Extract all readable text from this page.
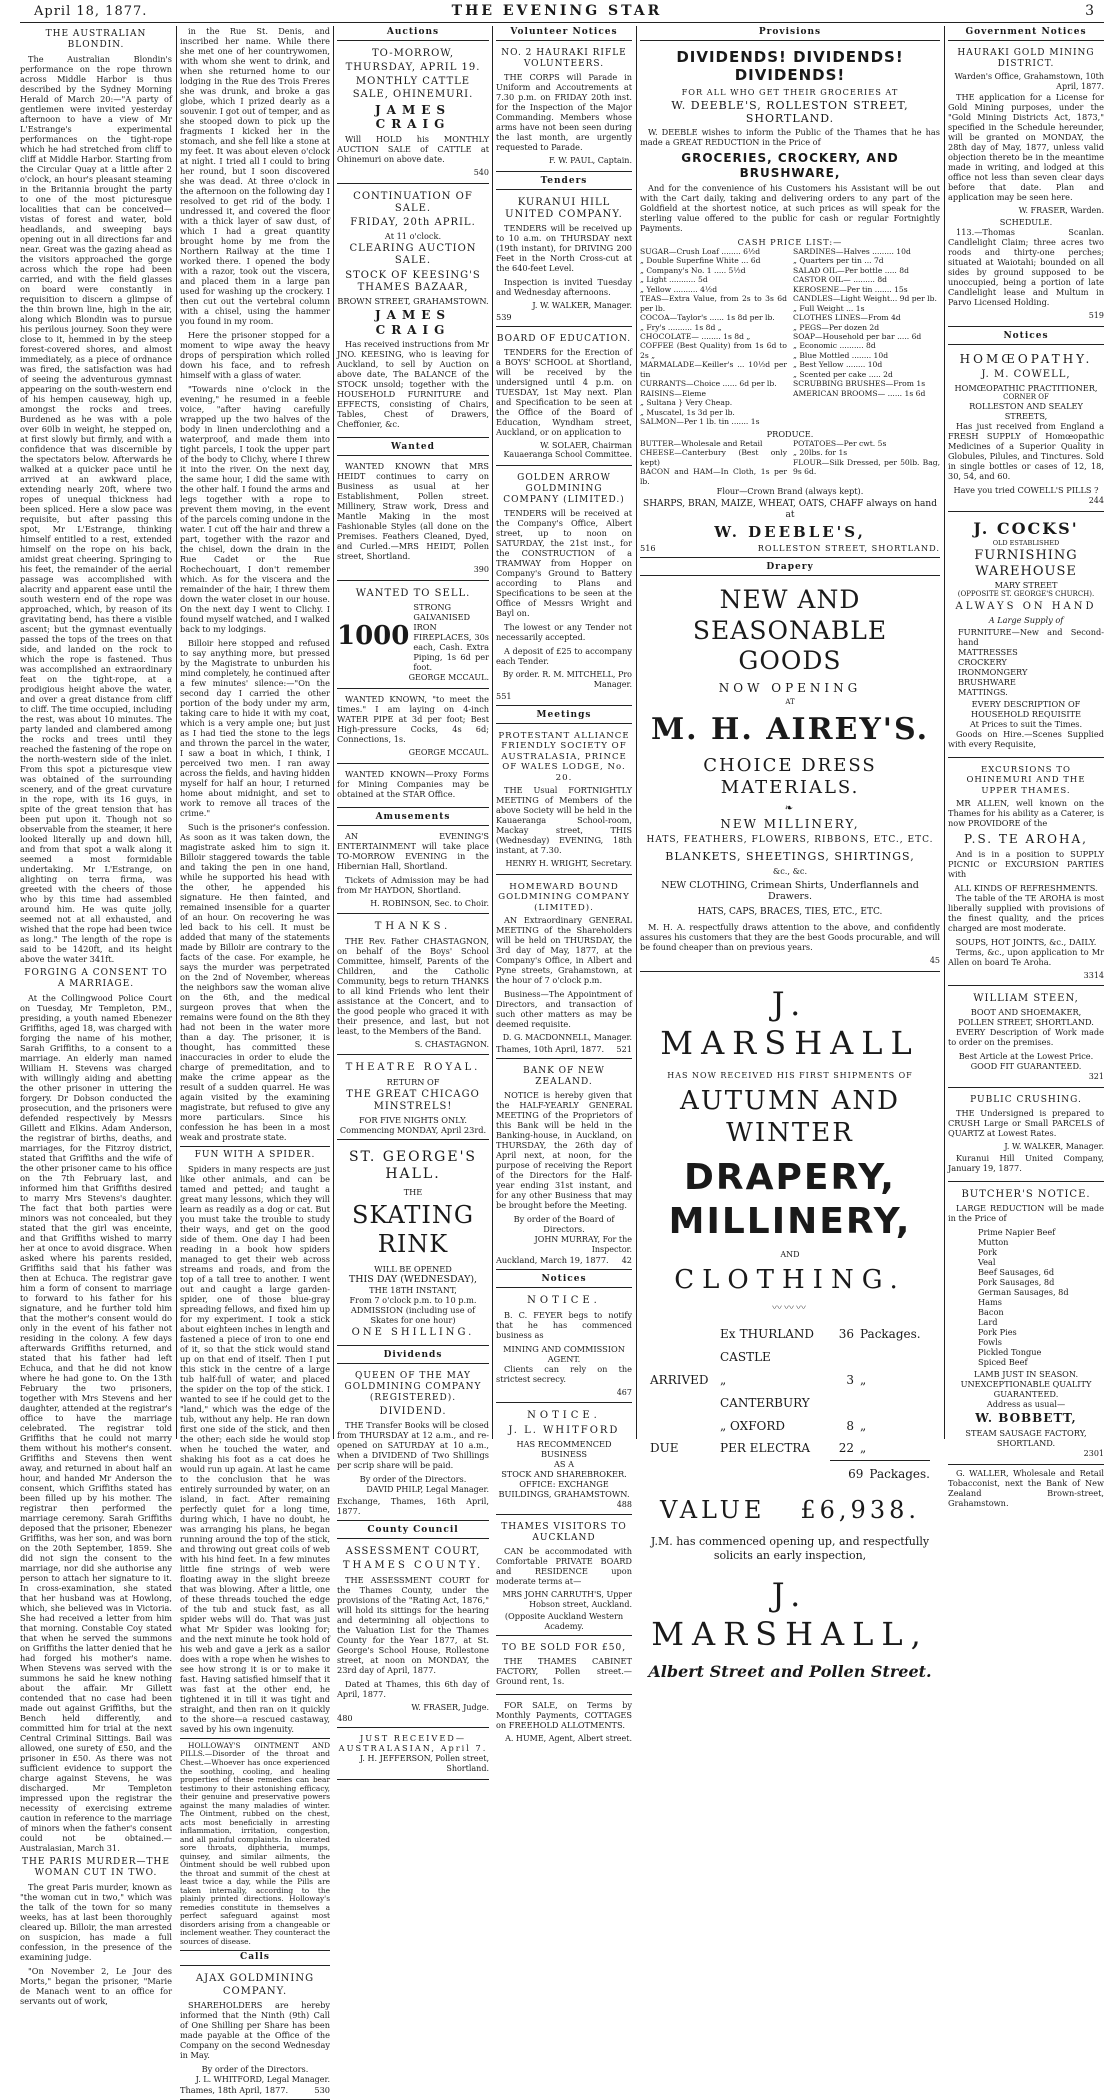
April 18, 1877.	THE EVENING STAR	3
THE AUSTRALIAN BLONDIN.

The Australian Blondin's performance on the rope thrown across Middle Harbor is thus described by the Sydney Morning Herald of March 20:—"A party of gentlemen were invited yesterday afternoon to have a view of Mr L'Estrange's experimental performances on the tight-rope which he had stretched from cliff to cliff at Middle Harbor. Starting from the Circular Quay at a little after 2 o'clock, an hour's pleasant steaming in the Britannia brought the party to one of the most picturesque localities that can be conceived—vistas of forest and water, bold headlands, and sweeping bays opening out in all directions far and near. Great was the gazing ahead as the visitors approached the gorge across which the rope had been carried, and with the field glasses on board were constantly in requisition to discern a glimpse of the thin brown line, high in the air, along which Blondin was to pursue his perilous journey. Soon they were close to it, hemmed in by the steep forest-covered shores, and almost immediately, as a piece of ordnance was fired, the satisfaction was had of seeing the adventurous gymnast appearing on the south-western end of his hempen causeway, high up, amongst the rocks and trees. Burdened as he was with a pole over 60lb in weight, he stepped on, at first slowly but firmly, and with a confidence that was discernible by the spectators below. Afterwards he walked at a quicker pace until he arrived at an awkward place, extending nearly 20ft, where two ropes of unequal thickness had been spliced. Here a slow pace was requisite, but after passing this spot, Mr L'Estrange, thinking himself entitled to a rest, extended himself on the rope on his back, amidst great cheering. Springing to his feet, the remainder of the aerial passage was accomplished with alacrity and apparent ease until the south western end of the rope was approached, which, by reason of its gravitating bend, has there a visible ascent; but the gymnast eventually passed the tops of the trees on that side, and landed on the rock to which the rope is fastened. Thus was accomplished an extraordinary feat on the tight-rope, at a prodigious height above the water, and over a great distance from cliff to cliff. The time occupied, including the rest, was about 10 minutes. The party landed and clambered among the rocks and trees until they reached the fastening of the rope on the north-western side of the inlet. From this spot a picturesque view was obtained of the surrounding scenery, and of the great curvature in the rope, with its 16 guys, in spite of the great tension that has been put upon it. Though not so observable from the steamer, it here looked literally up and down hill, and from that spot a walk along it seemed a most formidable undertaking. Mr L'Estrange, on alighting on terra firma, was greeted with the cheers of those who by this time had assembled around him. He was quite jolly, seemed not at all exhausted, and wished that the rope had been twice as long." The length of the rope is said to be 1420ft, and its height above the water 341ft.

FORGING A CONSENT TO A MARRIAGE.

At the Collingwood Police Court on Tuesday, Mr Templeton, P.M., presiding, a youth named Ebenezer Griffiths, aged 18, was charged with forging the name of his mother, Sarah Griffiths, to a consent to a marriage. An elderly man named William H. Stevens was charged with willingly aiding and abetting the other prisoner in uttering the forgery. Dr Dobson conducted the prosecution, and the prisoners were defended respectively by Messrs Gillett and Elkins. Adam Anderson, the registrar of births, deaths, and marriages, for the Fitzroy district, stated that Griffiths and the wife of the other prisoner came to his office on the 7th February last, and informed him that Griffiths desired to marry Mrs Stevens's daughter. The fact that both parties were minors was not concealed, but they stated that the girl was enceinte, and that Griffiths wished to marry her at once to avoid disgrace. When asked where his parents resided, Griffiths said that his father was then at Echuca. The registrar gave him a form of consent to marriage to forward to his father for his signature, and he further told him that the mother's consent would do only in the event of his father not residing in the colony. A few days afterwards Griffiths returned, and stated that his father had left Echuca, and that he did not know where he had gone to. On the 13th February the two prisoners, together with Mrs Stevens and her daughter, attended at the registrar's office to have the marriage celebrated. The registrar told Griffiths that he could not marry them without his mother's consent. Griffiths and Stevens then went away, and returned in about half an hour, and handed Mr Anderson the consent, which Griffiths stated has been filled up by his mother. The registrar then performed the marriage ceremony. Sarah Griffiths deposed that the prisoner, Ebenezer Griffiths, was her son, and was born on the 20th September, 1859. She did not sign the consent to the marriage, nor did she authorise any person to attach her signature to it. In cross-examination, she stated that her husband was at Howlong, which, she believed was in Victoria. She had received a letter from him that morning. Constable Coy stated that when he served the summons on Griffiths the latter denied that he had forged his mother's name. When Stevens was served with the summons he said he knew nothing about the affair. Mr Gillett contended that no case had been made out against Griffiths, but the Bench held differently, and committed him for trial at the next Central Criminal Sittings. Bail was allowed, one surety of £50, and the prisoner in £50. As there was not sufficient evidence to support the charge against Stevens, he was discharged. Mr Templeton impressed upon the registrar the necessity of exercising extreme caution in reference to the marriage of minors when the father's consent could not be obtained.—Australasian, March 31.

THE PARIS MURDER—THE WOMAN CUT IN TWO.

The great Paris murder, known as "the woman cut in two," which was the talk of the town for so many weeks, has at last been thoroughly cleared up. Billoir, the man arrested on suspicion, has made a full confession, in the presence of the examining judge.

"On November 2, Le Jour des Morts," began the prisoner, "Marie de Manach went to an office for servants out of work,

in the Rue St. Denis, and inscribed her name. While there she met one of her countrywomen, with whom she went to drink, and when she returned home to our lodging in the Rue des Trois Freres she was drunk, and broke a gas globe, which I prized dearly as a souvenir. I got out of temper, and as she stooped down to pick up the fragments I kicked her in the stomach, and she fell like a stone at my feet. It was about eleven o'clock at night. I tried all I could to bring her round, but I soon discovered she was dead. At three o'clock in the afternoon on the following day I resolved to get rid of the body. I undressed it, and covered the floor with a thick layer of saw dust, of which I had a great quantity brought home by me from the Northern Railway at the time I worked there. I opened the body with a razor, took out the viscera, and placed them in a large pan used for washing up the crockery. I then cut out the vertebral column with a chisel, using the hammer you found in my room.

Here the prisoner stopped for a moment to wipe away the heavy drops of perspiration which rolled down his face, and to refresh himself with a glass of water.

"Towards nine o'clock in the evening," he resumed in a feeble voice, "after having carefully wrapped up the two halves of the body in linen underclothing and a waterproof, and made them into tight parcels, I took the upper part of the body to Clichy, where I threw it into the river. On the next day, the same hour, I did the same with the other half. I found the arms and legs together with a rope to prevent them moving, in the event of the parcels coming undone in the water. I cut off the hair and threw a part, together with the razor and the chisel, down the drain in the Rue Cadet or the Rue Rochechouart, I don't remember which. As for the viscera and the remainder of the hair, I threw them down the water closet in our house. On the next day I went to Clichy. I found myself watched, and I walked back to my lodgings.

Billoir here stopped and refused to say anything more, but pressed by the Magistrate to unburden his mind completely, he continued after a few minutes' silence:—"On the second day I carried the other portion of the body under my arm, taking care to hide it with my coat, which is a very ample one; but just as I had tied the stone to the legs and thrown the parcel in the water, I saw a boat in which, I think, I perceived two men. I ran away across the fields, and having hidden myself for half an hour, I returned home about midnight, and set to work to remove all traces of the crime."

Such is the prisoner's confession. As soon as it was taken down, the magistrate asked him to sign it. Billoir staggered towards the table and taking the pen in one hand, while he supported his head with the other, he appended his signature. He then fainted, and remained insensible for a quarter of an hour. On recovering he was led back to his cell. It must be added that many of the statements made by Billoir are contrary to the facts of the case. For example, he says the murder was perpetrated on the 2nd of November, whereas the neighbors saw the woman alive on the 6th, and the medical surgeon proves that when the remains were found on the 8th they had not been in the water more than a day. The prisoner, it is thought, has committed these inaccuracies in order to elude the charge of premeditation, and to make the crime appear as the result of a sudden quarrel. He was again visited by the examining magistrate, but refused to give any more particulars. Since his confession he has been in a most weak and prostrate state.

FUN WITH A SPIDER.

Spiders in many respects are just like other animals, and can be tamed and petted; and taught a great many lessons, which they will learn as readily as a dog or cat. But you must take the trouble to study their ways, and get on the good side of them. One day I had been reading in a book how spiders managed to get their web across streams and roads, and from the top of a tall tree to another. I went out and caught a large garden-spider, one of those blue-gray spreading fellows, and fixed him up for my experiment. I took a stick about eighteen inches in length and fastened a piece of iron to one end of it, so that the stick would stand up on that end of itself. Then I put this stick in the centre of a large tub half-full of water, and placed the spider on the top of the stick. I wanted to see if he could get to the "land," which was the edge of the tub, without any help. He ran down first one side of the stick, and then the other; each side he would stop when he touched the water, and shaking his foot as a cat does he would run up again. At last he came to the conclusion that he was entirely surrounded by water, on an island, in fact. After remaining perfectly quiet for a long time, during which, I have no doubt, he was arranging his plans, he began running around the top of the stick, and throwing out great coils of web with his hind feet. In a few minutes little fine strings of web were floating away in the slight breeze that was blowing. After a little, one of these threads touched the edge of the tub and stuck fast, as all spider webs will do. That was just what Mr Spider was looking for; and the next minute he took hold of his web and gave a jerk as a sailor does with a rope when he wishes to see how strong it is or to make it fast. Having satisfied himself that it was fast at the other end, he tightened it in till it was tight and straight, and then ran on it quickly to the shore—a rescued castaway, saved by his own ingenuity.

HOLLOWAY'S OINTMENT AND PILLS.—Disorder of the throat and Chest.—Whoever has once experienced the soothing, cooling, and healing properties of these remedies can bear testimony to their astonishing efficacy, their genuine and preservative powers against the many maladies of winter. The Ointment, rubbed on the chest, acts most beneficially in arresting inflammation, irritation, congestion, and all painful complaints. In ulcerated sore throats, diphtheria, mumps, quinsey, and similar ailments, the Ointment should be well rubbed upon the throat and summit of the chest at least twice a day, while the Pills are taken internally, according to the plainly printed directions. Holloway's remedies constitute in themselves a perfect safeguard against most disorders arising from a changeable or inclement weather. They counteract the sources of disease.

Calls
AJAX GOLDMINING COMPANY.

SHAREHOLDERS are hereby informed that the Ninth (9th) Call of One Shilling per Share has been made payable at the Office of the Company on the second Wednesday in May.

By order of the Directors.
J. L. WHITFORD, Legal Manager.
Thames, 18th April, 1877.	530
Auctions
TO-MORROW,
THURSDAY, APRIL 19.
MONTHLY CATTLE SALE, OHINEMURI.
JAMES CRAIG

Will HOLD his MONTHLY AUCTION SALE of CATTLE at Ohinemuri on above date.

540
CONTINUATION OF SALE.
FRIDAY, 20th APRIL.
At 11 o'clock.
CLEARING AUCTION SALE.
STOCK OF KEESING'S THAMES BAZAAR,
BROWN STREET, GRAHAMSTOWN.
JAMES CRAIG

Has received instructions from Mr JNO. KEESING, who is leaving for Auckland, to sell by Auction on above date, The BALANCE of the STOCK unsold; together with the HOUSEHOLD FURNITURE and EFFECTS, consisting of Chairs, Tables, Chest of Drawers, Cheffonier, &c.

Wanted

WANTED KNOWN that MRS HEIDT continues to carry on Business as usual at her Establishment, Pollen street. Millinery, Straw work, Dress and Mantle Making in the most Fashionable Styles (all done on the Premises. Feathers Cleaned, Dyed, and Curled.—MRS HEIDT, Pollen street, Shortland.

390
WANTED TO SELL.
1000
STRONG GALVANISED IRON FIREPLACES, 30s each, Cash. Extra Piping, 1s 6d per foot.
GEORGE MCCAUL.

WANTED KNOWN, "to meet the times." I am laying on 4-inch WATER PIPE at 3d per foot; Best High-pressure Cocks, 4s 6d; Connections, 1s.

GEORGE MCCAUL.

WANTED KNOWN—Proxy Forms for Mining Companies may be obtained at the STAR Office.

Amusements

AN EVENING'S ENTERTAINMENT will take place TO-MORROW EVENING in the Hibernian Hall, Shortland.

Tickets of Admission may be had from Mr HAYDON, Shortland.

H. ROBINSON, Sec. to Choir.
THANKS.

THE Rev. Father CHASTAGNON, on behalf of the Boys' School Committee, himself, Parents of the Children, and the Catholic Community, begs to return THANKS to all kind Friends who lent their assistance at the Concert, and to the good people who graced it with their presence, and last, but not least, to the Members of the Band.

S. CHASTAGNON.
THEATRE ROYAL.
RETURN OF
THE GREAT CHICAGO MINSTRELS!
FOR FIVE NIGHTS ONLY.
Commencing MONDAY, April 23rd.
ST. GEORGE'S HALL.
THE
SKATING RINK
WILL BE OPENED
THIS DAY (WEDNESDAY),
THE 18TH INSTANT,
From 7 o'clock p.m. to 10 p.m.
ADMISSION (including use of Skates for one hour)
ONE SHILLING.
Dividends
QUEEN OF THE MAY GOLDMINING COMPANY (REGISTERED).
DIVIDEND.

THE Transfer Books will be closed from THURSDAY at 12 a.m., and re-opened on SATURDAY at 10 a.m., when a DIVIDEND of Two Shillings per scrip share will be paid.

By order of the Directors.
DAVID PHILP, Legal Manager.
Exchange, Thames, 16th April, 1877.
County Council
ASSESSMENT COURT,
THAMES COUNTY.

THE ASSESSMENT COURT for the Thames County, under the provisions of the "Rating Act, 1876," will hold its sittings for the hearing and determining all objections to the Valuation List for the Thames County for the Year 1877, at St. George's School House, Rollestone street, at noon on MONDAY, the 23rd day of April, 1877.

Dated at Thames, this 6th day of April, 1877.

W. FRASER, Judge.
480
JUST RECEIVED— AUSTRALASIAN, April 7.
J. H. JEFFERSON, Pollen street, Shortland.
Volunteer Notices
NO. 2 HAURAKI RIFLE VOLUNTEERS.

THE CORPS will Parade in Uniform and Accoutrements at 7.30 p.m. on FRIDAY 20th inst. for the Inspection of the Major Commanding. Members whose arms have not been seen during the last month, are urgently requested to Parade.

F. W. PAUL, Captain.
Tenders
KURANUI HILL UNITED COMPANY.

TENDERS will be received up to 10 a.m. on THURSDAY next (19th instant), for DRIVING 200 Feet in the North Cross-cut at the 640-feet Level.

Inspection is invited Tuesday and Wednesday afternoons.

J. W. WALKER, Manager.
539
BOARD OF EDUCATION.

TENDERS for the Erection of a BOYS' SCHOOL at Shortland, will be received by the undersigned until 4 p.m. on TUESDAY, 1st May next. Plan and Specification to be seen at the Office of the Board of Education, Wyndham street, Auckland, or on application to

W. SOLAER, Chairman Kauaeranga School Committee.
GOLDEN ARROW GOLDMINING COMPANY (LIMITED.)

TENDERS will be received at the Company's Office, Albert street, up to noon on SATURDAY, the 21st inst., for the CONSTRUCTION of a TRAMWAY from Hopper on Company's Ground to Battery according to Plans and Specifications to be seen at the Office of Messrs Wright and Bayl on.

The lowest or any Tender not necessarily accepted.

A deposit of £25 to accompany each Tender.

By order. R. M. MITCHELL, Pro Manager.
551
Meetings
PROTESTANT ALLIANCE FRIENDLY SOCIETY OF AUSTRALASIA, PRINCE OF WALES LODGE, No. 20.

THE Usual FORTNIGHTLY MEETING of Members of the above Society will be held in the Kauaeranga School-room, Mackay street, THIS (Wednesday) EVENING, 18th instant, at 7.30.

HENRY H. WRIGHT, Secretary.
HOMEWARD BOUND GOLDMINING COMPANY (LIMITED).

AN Extraordinary GENERAL MEETING of the Shareholders will be held on THURSDAY, the 3rd day of May, 1877, at the Company's Office, in Albert and Pyne streets, Grahamstown, at the hour of 7 o'clock p.m.

Business—The Appointment of Directors, and transaction of such other matters as may be deemed requisite.

D. G. MACDONNELL, Manager.
Thames, 10th April, 1877. 521
BANK OF NEW ZEALAND.

NOTICE is hereby given that the HALF-YEARLY GENERAL MEETING of the Proprietors of this Bank will be held in the Banking-house, in Auckland, on THURSDAY, the 26th day of April next, at noon, for the purpose of receiving the Report of the Directors for the Half-year ending 31st instant, and for any other Business that may be brought before the Meeting.

By order of the Board of Directors.
JOHN MURRAY, For the Inspector.
Auckland, March 19, 1877. 42
Notices
NOTICE.

B. C. FEYER begs to notify that he has commenced business as

MINING AND COMMISSION AGENT.

Clients can rely on the strictest secrecy.

467
NOTICE.
J. L. WHITFORD
HAS RECOMMENCED BUSINESS
AS A
STOCK AND SHAREBROKER.
OFFICE: EXCHANGE BUILDINGS, GRAHAMSTOWN.
488
THAMES VISITORS TO AUCKLAND

CAN be accommodated with Comfortable PRIVATE BOARD and RESIDENCE upon moderate terms at—

MRS JOHN CARRUTH'S, Upper Hobson street, Auckland.
(Opposite Auckland Western Academy.
TO BE SOLD FOR £50,

THE THAMES CABINET FACTORY, Pollen street.—Ground rent, 1s.

FOR SALE, on Terms by Monthly Payments, COTTAGES on FREEHOLD ALLOTMENTS.

A. HUME, Agent, Albert street.
Provisions
DIVIDENDS! DIVIDENDS! DIVIDENDS!
FOR ALL WHO GET THEIR GROCERIES AT
W. DEEBLE'S, ROLLESTON STREET, SHORTLAND.

W. DEEBLE wishes to inform the Public of the Thames that he has made a GREAT REDUCTION in the Price of

GROCERIES, CROCKERY, AND BRUSHWARE,

And for the convenience of his Customers his Assistant will be out with the Cart daily, taking and delivering orders to any part of the Goldfield at the shortest notice, at such prices as will speak for the sterling value offered to the public for cash or regular Fortnightly Payments.

CASH PRICE LIST:—
SUGAR—Crush Loaf ........ 6½d
„ Double Superfine White ... 6d
„ Company's No. 1 ..... 5½d
„ Light ........... 5d
„ Yellow .......... 4½d
TEAS—Extra Value, from 2s to 3s 6d per lb.
COCOA—Taylor's ...... 1s 8d per lb.
„ Fry's .......... 1s 8d „
CHOCOLATE— ........ 1s 8d „
COFFEE (Best Quality) from 1s 6d to 2s „
MARMALADE—Keiller's ... 10½d per tin
CURRANTS—Choice ...... 6d per lb.
RAISINS—Eleme
„ Sultana } Very Cheap.
„ Muscatel, 1s 3d per lb.
SALMON—Per 1 lb. tin ....... 1s
SARDINES—Halves ......... 10d
„ Quarters per tin ... 7d
SALAD OIL—Per bottle ..... 8d
CASTOR OIL— ......... 8d
KEROSENE—Per tin ....... 15s
CANDLES—Light Weight... 9d per lb.
„ Full Weight ... 1s
CLOTHES LINES—From 4d
„ PEGS—Per dozen 2d
SOAP—Household per bar ..... 6d
„ Economic .......... 8d
„ Blue Mottled ........ 10d
„ Best Yellow ........ 10d
„ Scented per cake ..... 2d
SCRUBBING BRUSHES—From 1s
AMERICAN BROOMS— ...... 1s 6d
PRODUCE.
BUTTER—Wholesale and Retail
CHEESE—Canterbury (Best only kept)
BACON and HAM—In Cloth, 1s per lb.
POTATOES—Per cwt. 5s
„ 20lbs. for 1s
FLOUR—Silk Dressed, per 50lb. Bag, 9s 6d.
Flour—Crown Brand (always kept).
SHARPS, BRAN, MAIZE, WHEAT, OATS, CHAFF always on hand at
W. DEEBLE'S,
516	ROLLESTON STREET, SHORTLAND.
Drapery
NEW AND SEASONABLE GOODS
NOW OPENING
AT
M. H. AIREY'S.
CHOICE DRESS MATERIALS.
❧
NEW MILLINERY,
HATS, FEATHERS, FLOWERS, RIBBONS, ETC., ETC.
BLANKETS, SHEETINGS, SHIRTINGS,
&c., &c.
NEW CLOTHING, Crimean Shirts, Underflannels and Drawers.
HATS, CAPS, BRACES, TIES, ETC., ETC.

M. H. A. respectfully draws attention to the above, and confidently assures his customers that they are the best Goods procurable, and will be found cheaper than on previous years.

45
J. MARSHALL
HAS NOW RECEIVED HIS FIRST SHIPMENTS OF
AUTUMN AND WINTER
DRAPERY, MILLINERY,
AND
CLOTHING.
〰〰〰
Ex THURLAND CASTLE
36 Packages.
ARRIVED „ CANTERBURY
3 „
„ OXFORD	8 „
DUE	PER ELECTRA	22 „
69 Packages.
VALUE £6,938.
J.M. has commenced opening up, and respectfully solicits an early inspection,
J. MARSHALL,
Albert Street and Pollen Street.
Government Notices
HAURAKI GOLD MINING DISTRICT.
Warden's Office, Grahamstown, 10th April, 1877.

THE application for a License for Gold Mining purposes, under the "Gold Mining Districts Act, 1873," specified in the Schedule hereunder, will be granted on MONDAY, the 28th day of May, 1877, unless valid objection thereto be in the meantime made in writing, and lodged at this office not less than seven clear days before that date. Plan and application may be seen here.

W. FRASER, Warden.
SCHEDULE.

113.—Thomas Scanlan. Candlelight Claim; three acres two roods and thirty-one perches; situated at Waiotahi; bounded on all sides by ground supposed to be unoccupied, being a portion of late Candlelight lease and Multum in Parvo Licensed Holding.

519
Notices
HOMŒOPATHY.
J. M. COWELL,
HOMŒOPATHIC PRACTITIONER,
CORNER OF
ROLLESTON AND SEALEY STREETS,

Has just received from England a FRESH SUPPLY of Homœopathic Medicines of a Superior Quality in Globules, Pilules, and Tinctures. Sold in single bottles or cases of 12, 18, 30, 54, and 60.

Have you tried COWELL'S PILLS ?
244
J. COCKS'
OLD ESTABLISHED
FURNISHING
WAREHOUSE
MARY STREET
(OPPOSITE ST. GEORGE'S CHURCH).
ALWAYS ON HAND
A Large Supply of
FURNITURE—New and Second-hand
MATTRESSES
CROCKERY
IRONMONGERY
BRUSHWARE
MATTINGS.
EVERY DESCRIPTION OF HOUSEHOLD REQUISITE
At Prices to suit the Times.

Goods on Hire.—Scenes Supplied with every Requisite,

EXCURSIONS TO OHINEMURI AND THE UPPER THAMES.

MR ALLEN, well known on the Thames for his ability as a Caterer, is now PROVIDORE of the

P.S. TE AROHA,

And is in a position to SUPPLY PICNIC or EXCURSION PARTIES with

ALL KINDS OF REFRESHMENTS.

The table of the TE AROHA is most liberally supplied with provisions of the finest quality, and the prices charged are most moderate.

SOUPS, HOT JOINTS, &c., DAILY.

Terms, &c., upon application to Mr Allen on board Te Aroha.

3314
WILLIAM STEEN,
BOOT AND SHOEMAKER,
POLLEN STREET, SHORTLAND.

EVERY Description of Work made to order on the premises.

Best Article at the Lowest Price.
GOOD FIT GUARANTEED.
321
PUBLIC CRUSHING.

THE Undersigned is prepared to CRUSH Large or Small PARCELS of QUARTZ at Lowest Rates.

J. W. WALKER, Manager.

Kuranui Hill United Company, January 19, 1877.

BUTCHER'S NOTICE.

LARGE REDUCTION will be made in the Price of

Prime Napier Beef
Mutton
Pork
Veal
Beef Sausages, 6d
Pork Sausages, 8d
German Sausages, 8d
Hams
Bacon
Lard
Pork Pies
Fowls
Pickled Tongue
Spiced Beef
LAMB JUST IN SEASON.
UNEXCEPTIONABLE QUALITY GUARANTEED.
Address as usual—
W. BOBBETT,
STEAM SAUSAGE FACTORY,
SHORTLAND.
2301

G. WALLER, Wholesale and Retail Tobacconist, next the Bank of New Zealand Brown-street, Grahamstown.
